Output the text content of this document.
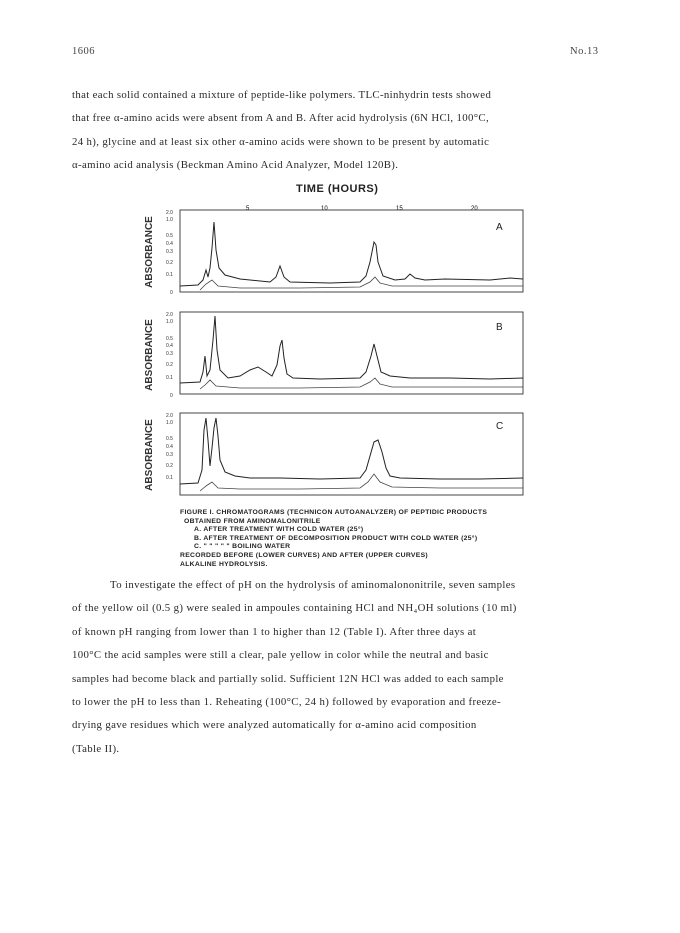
1606	No.13

that each solid contained a mixture of peptide-like polymers. TLC-ninhydrin tests showed

that free α-amino acids were absent from A and B. After acid hydrolysis (6N HCl, 100°C,

24 h), glycine and at least six other α-amino acids were shown to be present by automatic

α-amino acid analysis (Beckman Amino Acid Analyzer, Model 120B).

TIME (HOURS)
5	10	15	20
ABSORBANCE	A
2.0
1.0
0.5
0.4
0.3
0.2
0.1
0
ABSORBANCE	B
2.0
1.0
0.5
0.4
0.3
0.2
0.1
0
ABSORBANCE	C
2.0
1.0
0.5
0.4
0.3
0.2
0.1
FIGURE I. CHROMATOGRAMS (TECHNICON AUTOANALYZER) OF PEPTIDIC PRODUCTS
OBTAINED FROM AMINOMALONITRILE
A. AFTER TREATMENT WITH COLD WATER (25°)
B. AFTER TREATMENT OF DECOMPOSITION PRODUCT WITH COLD WATER (25°)
C. " " " " " BOILING WATER
RECORDED BEFORE (LOWER CURVES) AND AFTER (UPPER CURVES)
ALKALINE HYDROLYSIS.

To investigate the effect of pH on the hydrolysis of aminomalononitrile, seven samples

of the yellow oil (0.5 g) were sealed in ampoules containing HCl and NH₄OH solutions (10 ml)

of known pH ranging from lower than 1 to higher than 12 (Table I). After three days at

100°C the acid samples were still a clear, pale yellow in color while the neutral and basic

samples had become black and partially solid. Sufficient 12N HCl was added to each sample

to lower the pH to less than 1. Reheating (100°C, 24 h) followed by evaporation and freeze-

drying gave residues which were analyzed automatically for α-amino acid composition

(Table II).
